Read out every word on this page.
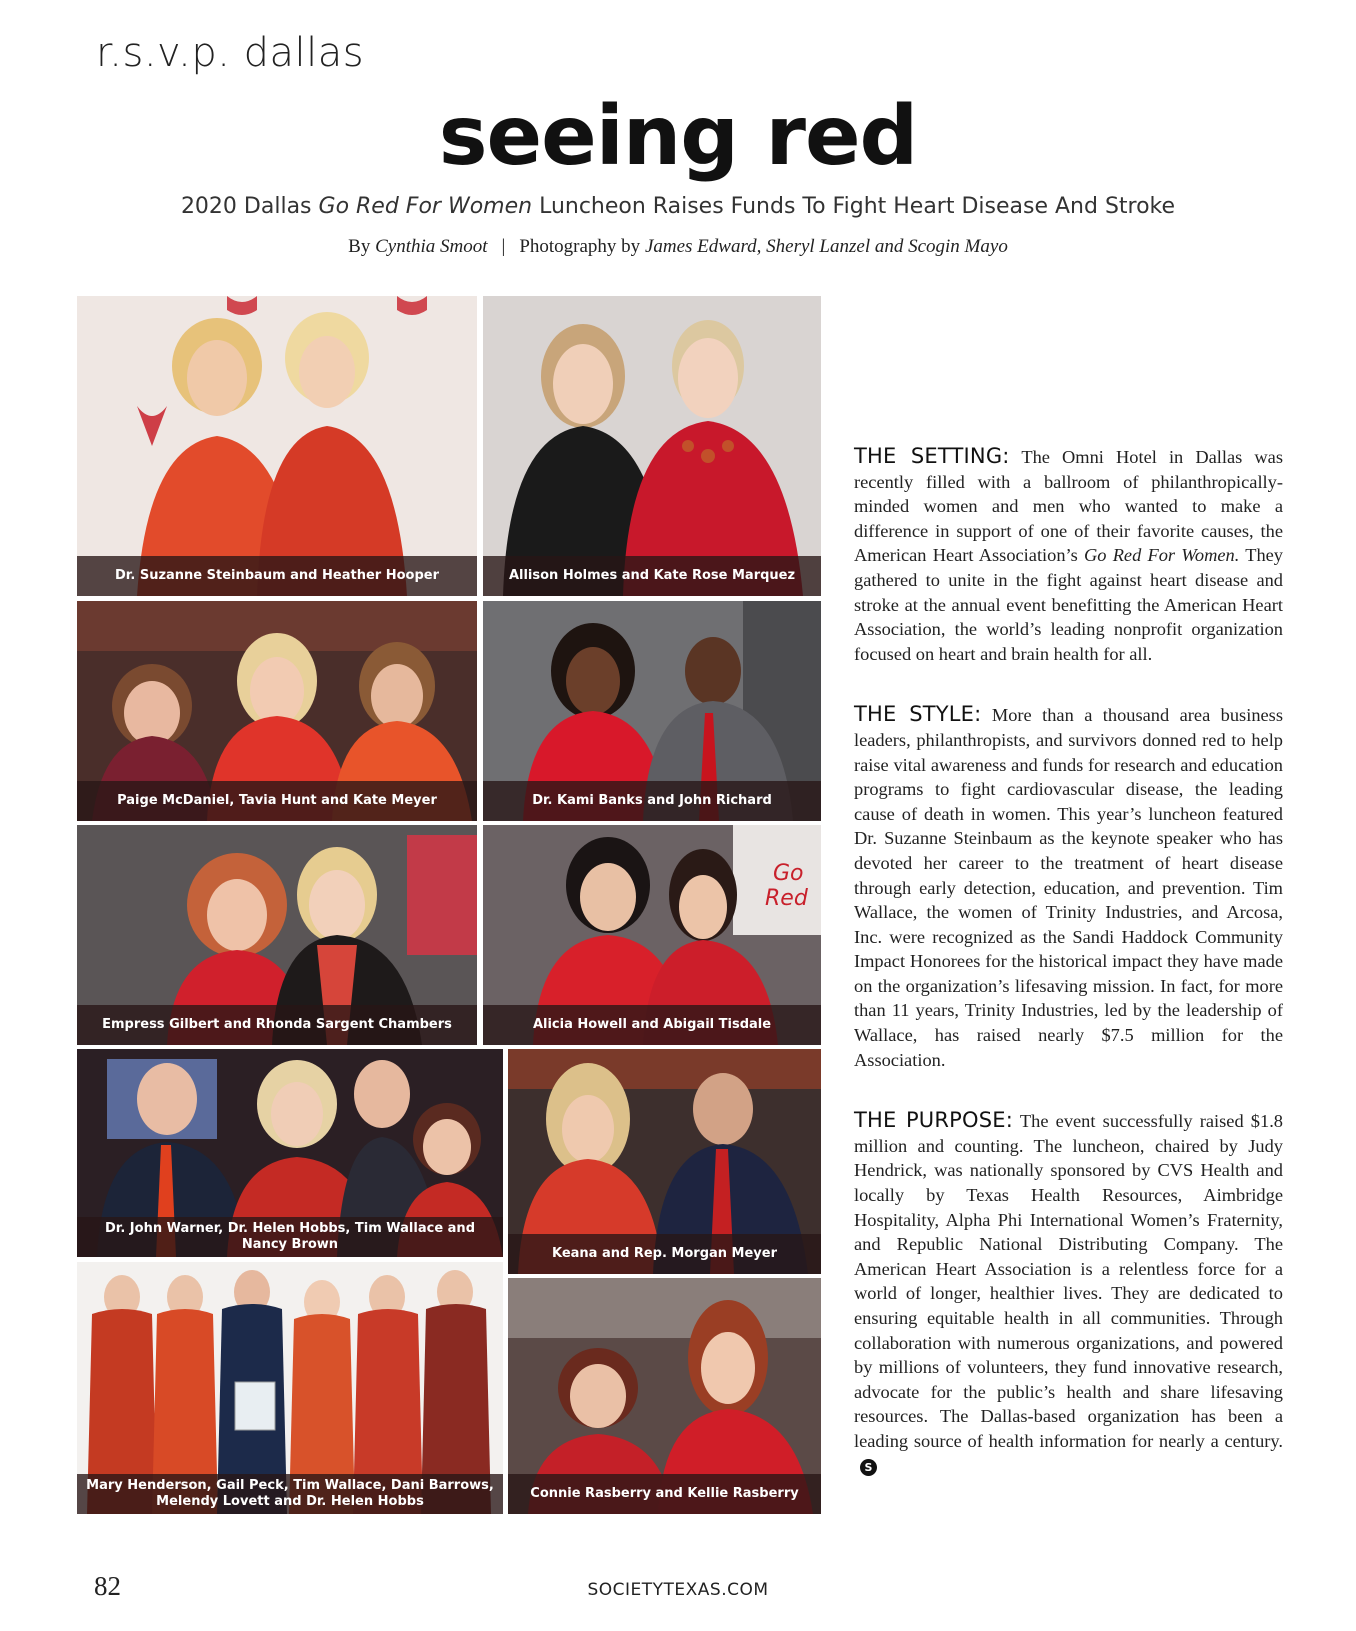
r.s.v.p. dallas
seeing red
2020 Dallas Go Red For Women Luncheon Raises Funds To Fight Heart Disease And Stroke
By Cynthia Smoot | Photography by James Edward, Sheryl Lanzel and Scogin Mayo
Dr. Suzanne Steinbaum and Heather Hooper	Allison Holmes and Kate Rose Marquez
Paige McDaniel, Tavia Hunt and Kate Meyer	Dr. Kami Banks and John Richard
Empress Gilbert and Rhonda Sargent Chambers
Go
Red
Alicia Howell and Abigail Tisdale
Dr. John Warner, Dr. Helen Hobbs, Tim Wallace and Nancy Brown
Keana and Rep. Morgan Meyer
Mary Henderson, Gail Peck, Tim Wallace, Dani Barrows, Melendy Lovett and Dr. Helen Hobbs
Connie Rasberry and Kellie Rasberry

THE SETTING: The Omni Hotel in Dallas was recently filled with a ballroom of philanthropically-minded women and men who wanted to make a difference in support of one of their favorite causes, the American Heart Association’s Go Red For Women. They gathered to unite in the fight against heart disease and stroke at the annual event benefitting the American Heart Association, the world’s leading nonprofit organization focused on heart and brain health for all.

THE STYLE: More than a thousand area business leaders, philanthropists, and survivors donned red to help raise vital awareness and funds for research and education programs to fight cardiovascular disease, the leading cause of death in women. This year’s luncheon featured Dr. Suzanne Steinbaum as the keynote speaker who has devoted her career to the treatment of heart disease through early detection, education, and prevention. Tim Wallace, the women of Trinity Industries, and Arcosa, Inc. were recognized as the Sandi Haddock Community Impact Honorees for the historical impact they have made on the organization’s lifesaving mission. In fact, for more than 11 years, Trinity Industries, led by the leadership of Wallace, has raised nearly $7.5 million for the Association.

THE PURPOSE: The event successfully raised $1.8 million and counting. The luncheon, chaired by Judy Hendrick, was nationally sponsored by CVS Health and locally by Texas Health Resources, Aimbridge Hospitality, Alpha Phi International Women’s Fraternity, and Republic National Distributing Company. The American Heart Association is a relentless force for a world of longer, healthier lives. They are dedicated to ensuring equitable health in all communities. Through collaboration with numerous organizations, and powered by millions of volunteers, they fund innovative research, advocate for the public’s health and share lifesaving resources. The Dallas-based organization has been a leading source of health information for nearly a century.S

82	SOCIETYTEXAS.COM
